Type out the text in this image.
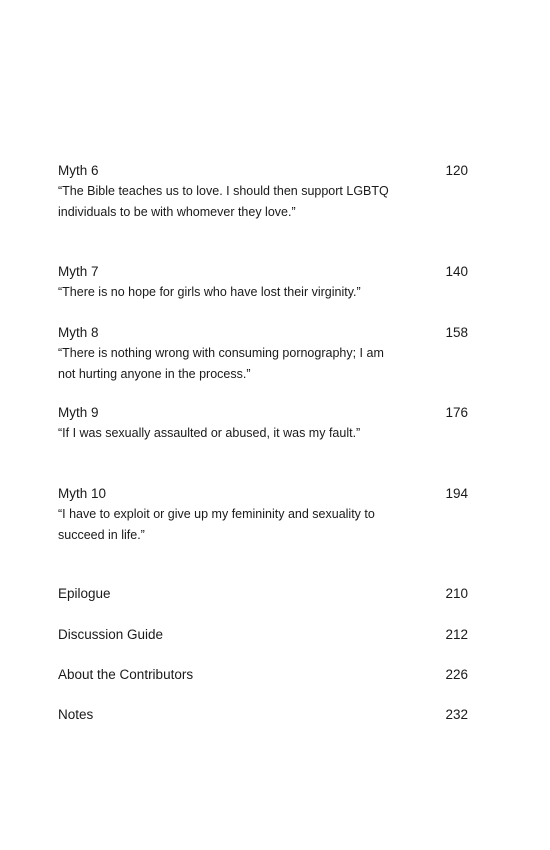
Myth 6	120
“The Bible teaches us to love. I should then support LGBTQ individuals to be with whomever they love.”
Myth 7	140
“There is no hope for girls who have lost their virginity.”
Myth 8	158
“There is nothing wrong with consuming pornography; I am not hurting anyone in the process.”
Myth 9	176
“If I was sexually assaulted or abused, it was my fault.”
Myth 10	194
“I have to exploit or give up my femininity and sexuality to succeed in life.”
Epilogue	210
Discussion Guide	212
About the Contributors	226
Notes	232
